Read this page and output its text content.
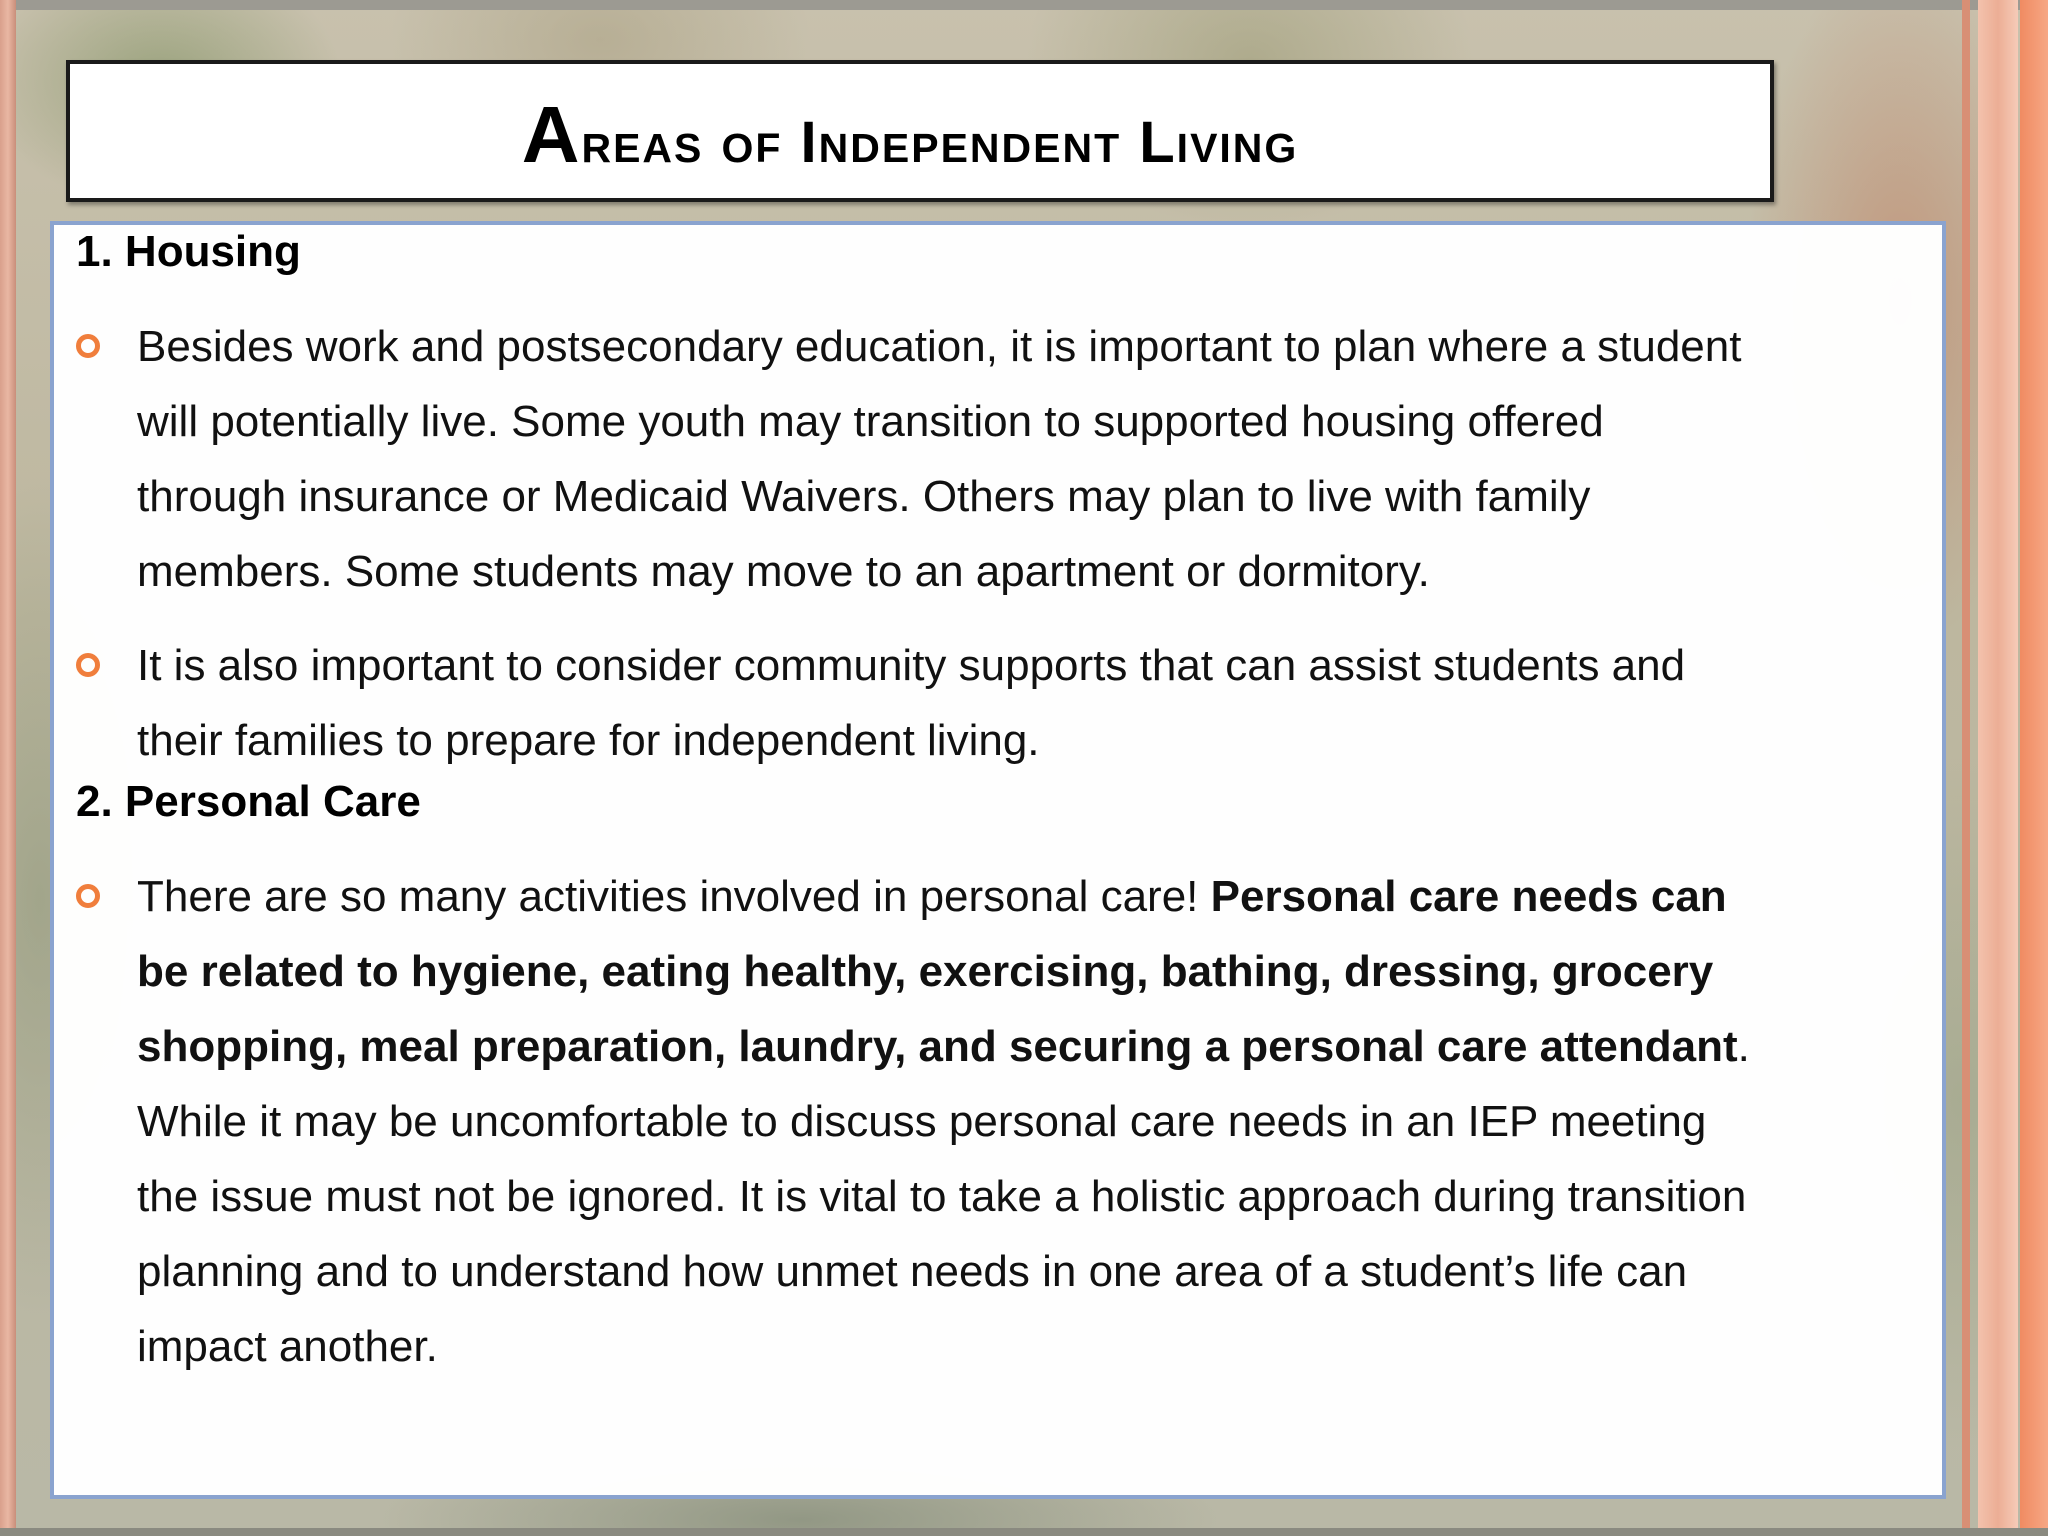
Areas of Independent Living
1. Housing
Besides work and postsecondary education, it is important to plan where a student
will potentially live. Some youth may transition to supported housing offered
through insurance or Medicaid Waivers. Others may plan to live with family
members. Some students may move to an apartment or dormitory.
It is also important to consider community supports that can assist students and
their families to prepare for independent living.
2. Personal Care
There are so many activities involved in personal care! Personal care needs can
be related to hygiene, eating healthy, exercising, bathing, dressing, grocery
shopping, meal preparation, laundry, and securing a personal care attendant.
While it may be uncomfortable to discuss personal care needs in an IEP meeting
the issue must not be ignored. It is vital to take a holistic approach during transition
planning and to understand how unmet needs in one area of a student’s life can
impact another.
